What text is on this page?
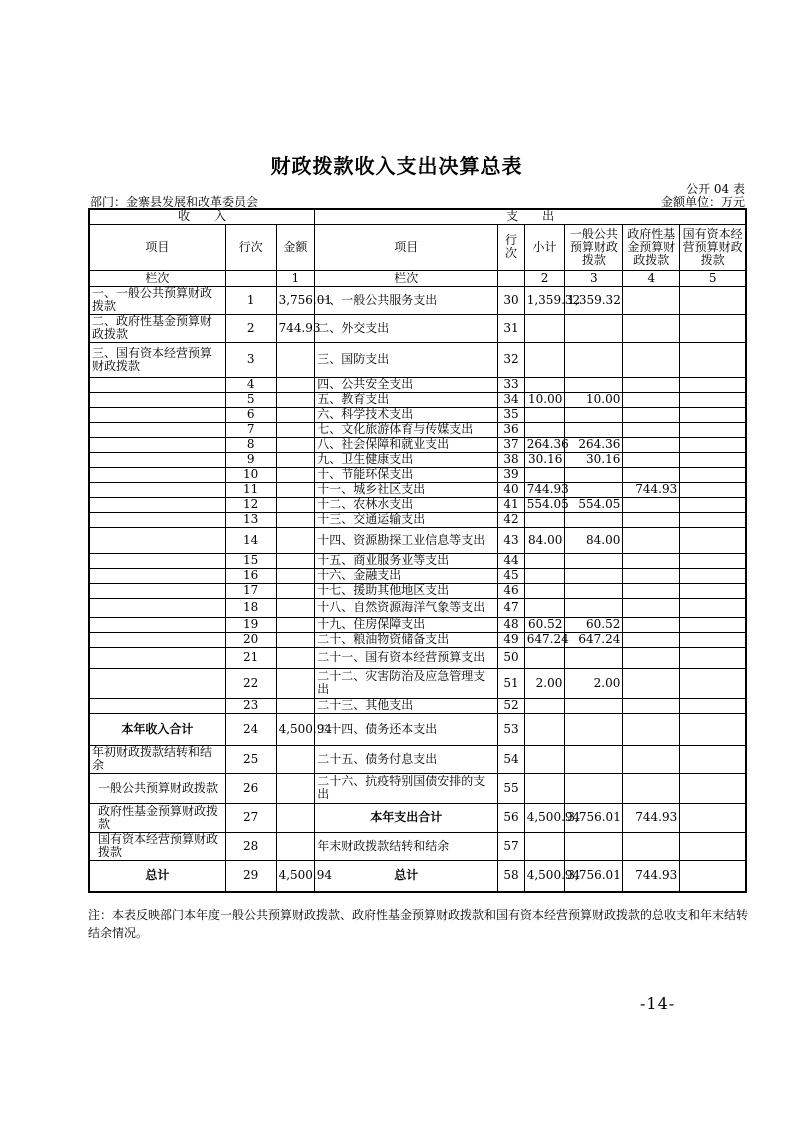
财政拨款收入支出决算总表
公开 04 表
部门：金寨县发展和改革委员会	金额单位：万元
收　　入			支　　出					
项目	行次	金额	项目	行次	小计	一般公共预算财政拨款	政府性基金预算财政拨款	国有资本经营预算财政拨款
栏次		1	栏次		2	3	4	5
一、一般公共预算财政拨款	1	3,756.01	一、一般公共服务支出	30	1,359.32	1,359.32		
二、政府性基金预算财政拨款	2	744.93	二、外交支出	31				
三、国有资本经营预算财政拨款	3		三、国防支出	32				
	4		四、公共安全支出	33				
	5		五、教育支出	34	10.00	10.00		
	6		六、科学技术支出	35				
	7		七、文化旅游体育与传媒支出	36				
	8		八、社会保障和就业支出	37	264.36	264.36		
	9		九、卫生健康支出	38	30.16	30.16		
	10		十、节能环保支出	39				
	11		十一、城乡社区支出	40	744.93		744.93	
	12		十二、农林水支出	41	554.05	554.05		
	13		十三、交通运输支出	42				
	14		十四、资源勘探工业信息等支出	43	84.00	84.00		
	15		十五、商业服务业等支出	44				
	16		十六、金融支出	45				
	17		十七、援助其他地区支出	46				
	18		十八、自然资源海洋气象等支出	47				
	19		十九、住房保障支出	48	60.52	60.52		
	20		二十、粮油物资储备支出	49	647.24	647.24		
	21		二十一、国有资本经营预算支出	50				
	22		二十二、灾害防治及应急管理支出	51	2.00	2.00		
	23		二十三、其他支出	52				
本年收入合计	24	4,500.94	二十四、债务还本支出	53				
年初财政拨款结转和结余	25		二十五、债务付息支出	54				
一般公共预算财政拨款	26		二十六、抗疫特别国债安排的支出	55				
政府性基金预算财政拨款	27		本年支出合计	56	4,500.94	3,756.01	744.93	
国有资本经营预算财政拨款	28		年末财政拨款结转和结余	57				
总计	29	4,500.94	总计	58	4,500.94	3,756.01	744.93	
注：本表反映部门本年度一般公共预算财政拨款、政府性基金预算财政拨款和国有资本经营预算财政拨款的总收支和年末结转结余情况。
-14-
